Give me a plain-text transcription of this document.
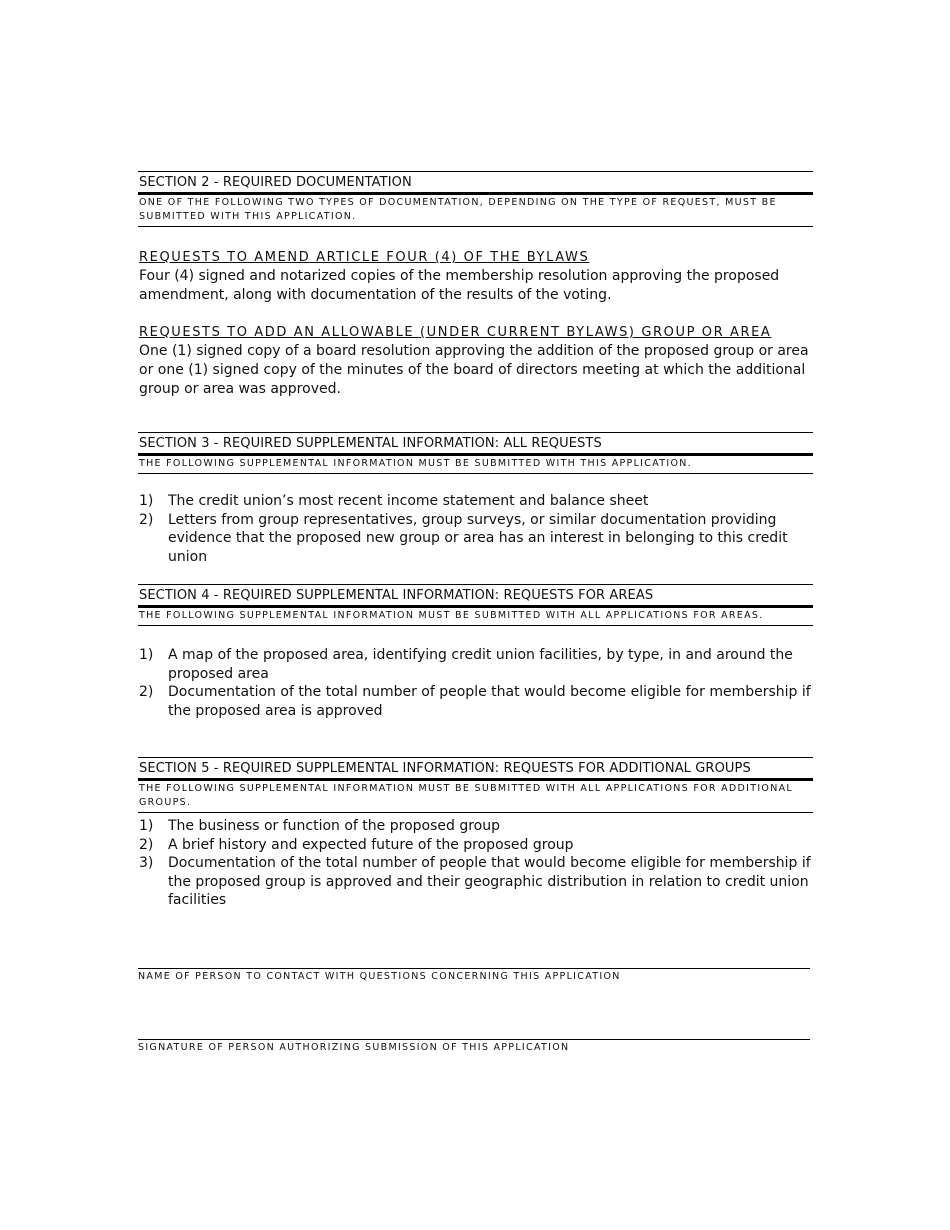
SECTION 2 - REQUIRED DOCUMENTATION
ONE OF THE FOLLOWING TWO TYPES OF DOCUMENTATION, DEPENDING ON THE TYPE OF REQUEST, MUST BE SUBMITTED WITH THIS APPLICATION.
REQUESTS TO AMEND ARTICLE FOUR (4) OF THE BYLAWS
Four (4) signed and notarized copies of the membership resolution approving the proposed amendment, along with documentation of the results of the voting.
REQUESTS TO ADD AN ALLOWABLE (UNDER CURRENT BYLAWS) GROUP OR AREA
One (1) signed copy of a board resolution approving the addition of the proposed group or area or one (1) signed copy of the minutes of the board of directors meeting at which the additional group or area was approved.
SECTION 3 - REQUIRED SUPPLEMENTAL INFORMATION: ALL REQUESTS
THE FOLLOWING SUPPLEMENTAL INFORMATION MUST BE SUBMITTED WITH THIS APPLICATION.
1) The credit union’s most recent income statement and balance sheet
2) Letters from group representatives, group surveys, or similar documentation providing evidence that the proposed new group or area has an interest in belonging to this credit union
SECTION 4 - REQUIRED SUPPLEMENTAL INFORMATION: REQUESTS FOR AREAS
THE FOLLOWING SUPPLEMENTAL INFORMATION MUST BE SUBMITTED WITH ALL APPLICATIONS FOR AREAS.
1) A map of the proposed area, identifying credit union facilities, by type, in and around the proposed area
2) Documentation of the total number of people that would become eligible for membership if the proposed area is approved
SECTION 5 - REQUIRED SUPPLEMENTAL INFORMATION: REQUESTS FOR ADDITIONAL GROUPS
THE FOLLOWING SUPPLEMENTAL INFORMATION MUST BE SUBMITTED WITH ALL APPLICATIONS FOR ADDITIONAL GROUPS.
1) The business or function of the proposed group
2) A brief history and expected future of the proposed group
3) Documentation of the total number of people that would become eligible for membership if the proposed group is approved and their geographic distribution in relation to credit union facilities
NAME OF PERSON TO CONTACT WITH QUESTIONS CONCERNING THIS APPLICATION
SIGNATURE OF PERSON AUTHORIZING SUBMISSION OF THIS APPLICATION
